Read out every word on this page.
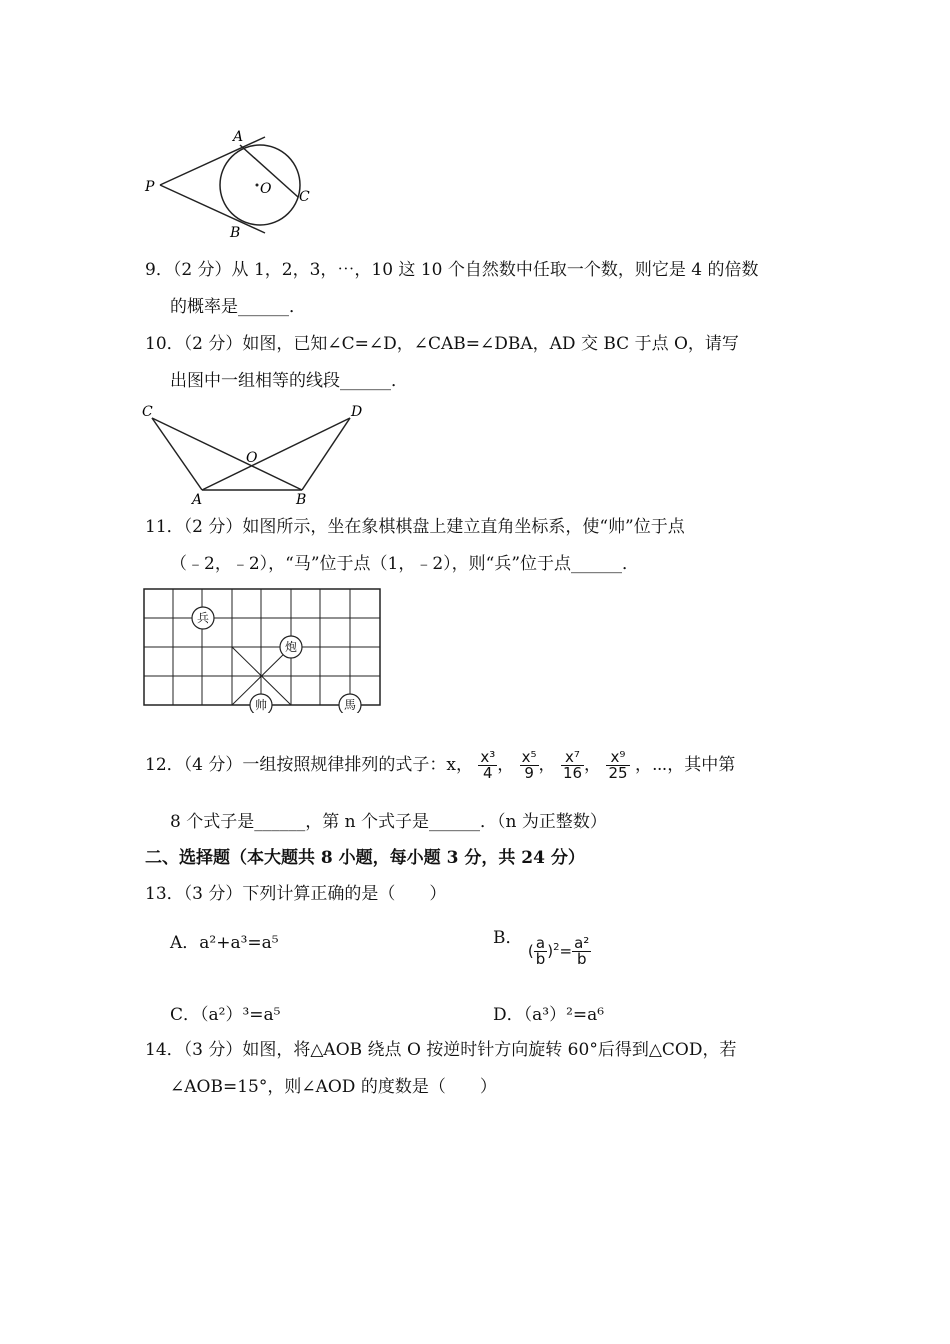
P
A
B
C
O
9．（2 分）从 1，2，3，⋯，10 这 10 个自然数中任取一个数，则它是 4 的倍数
的概率是______．
10．（2 分）如图，已知∠C=∠D，∠CAB=∠DBA，AD 交 BC 于点 O，请写
出图中一组相等的线段______．
C	D
O
A	B
11．（2 分）如图所示，坐在象棋棋盘上建立直角坐标系，使“帅”位于点
（﹣2，﹣2），“马”位于点（1，﹣2），则“兵”位于点______．
兵
炮
帅	馬
12．（4 分）一组按照规律排列的式子：x， $\frac{\text{x³}}{4}$ ， $\frac{\text{x⁵}}{9}$ ， $\frac{\text{x⁷}}{16}$ ， $\frac{\text{x⁹}}{25}$ ，⋯，其中第
8 个式子是______，第 n 个式子是______．（n 为正整数）
二、选择题（本大题共 8 小题，每小题 3 分，共 24 分）
13．（3 分）下列计算正确的是（　　）
A．a²+a³=a⁵	B． ( $\frac{a}{b} )^2= \frac{\text{a²}}{b}$
C．（a²）³=a⁵	D．（a³）²=a⁶
14．（3 分）如图，将△AOB 绕点 O 按逆时针方向旋转 60°后得到△COD，若
∠AOB=15°，则∠AOD 的度数是（　　）
